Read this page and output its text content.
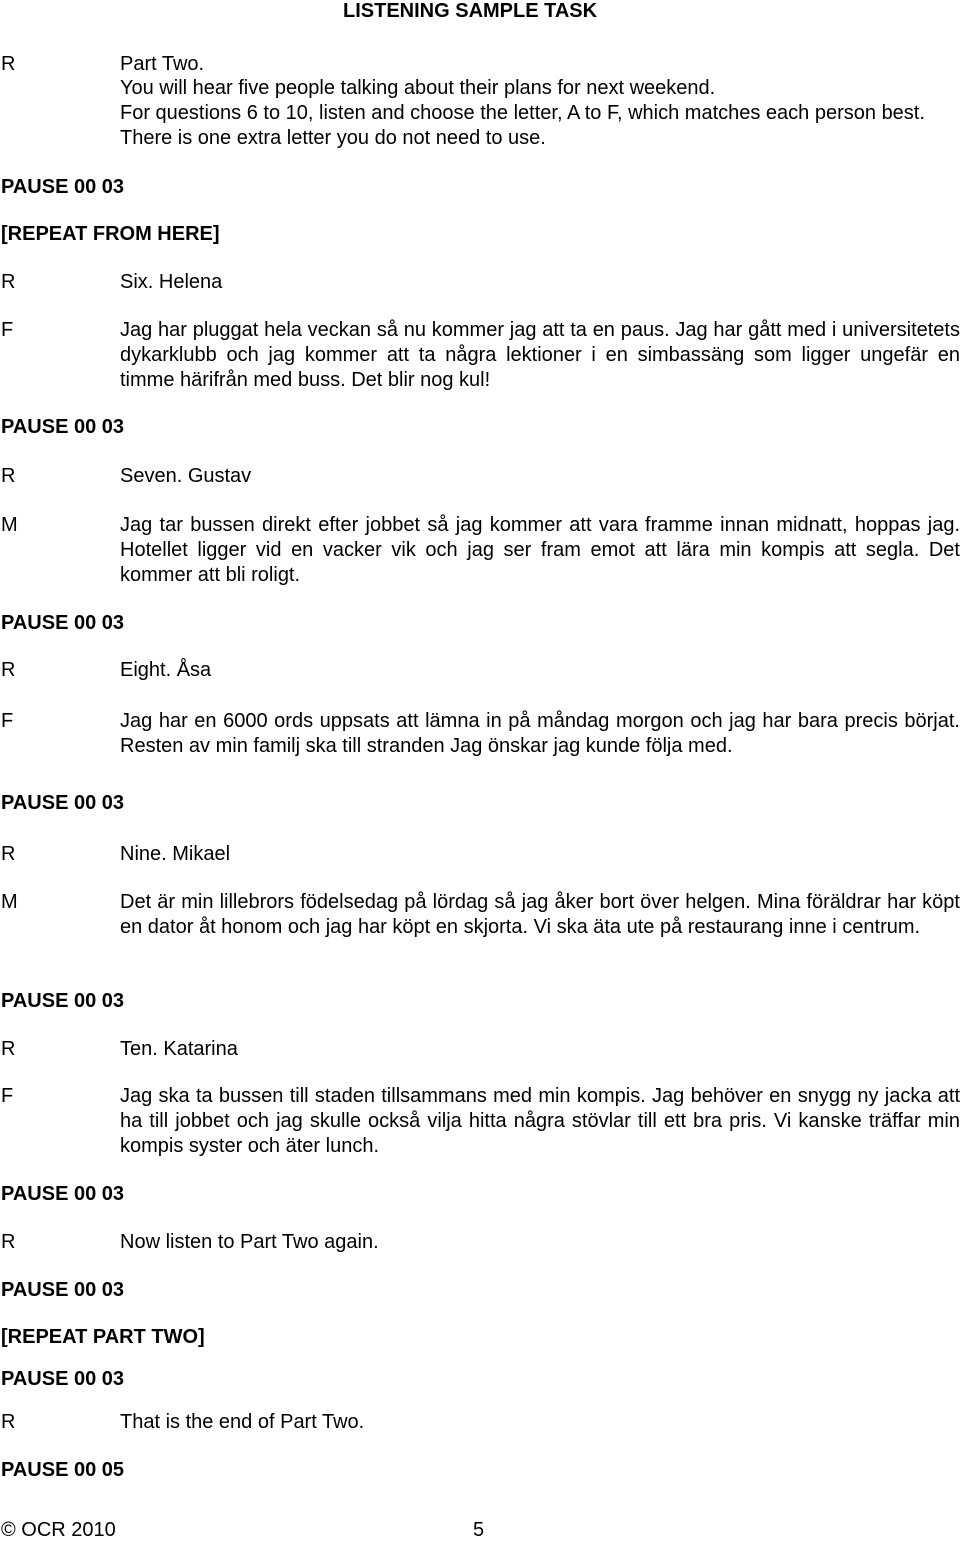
LISTENING SAMPLE TASK
R	Part Two.
You will hear five people talking about their plans for next weekend.
For questions 6 to 10, listen and choose the letter, A to F, which matches each person best. There is one extra letter you do not need to use.
PAUSE 00 03
[REPEAT FROM HERE]
R	Six. Helena
F	Jag har pluggat hela veckan så nu kommer jag att ta en paus. Jag har gått med i universitetets dykarklubb och jag kommer att ta några lektioner i en simbassäng som ligger ungefär en timme härifrån med buss. Det blir nog kul!
PAUSE 00 03
R	Seven. Gustav
M	Jag tar bussen direkt efter jobbet så jag kommer att vara framme innan midnatt, hoppas jag. Hotellet ligger vid en vacker vik och jag ser fram emot att lära min kompis att segla. Det kommer att bli roligt.
PAUSE 00 03
R	Eight. Åsa
F	Jag har en 6000 ords uppsats att lämna in på måndag morgon och jag har bara precis börjat. Resten av min familj ska till stranden Jag önskar jag kunde följa med.
PAUSE 00 03
R	Nine. Mikael
M	Det är min lillebrors födelsedag på lördag så jag åker bort över helgen. Mina föräldrar har köpt en dator åt honom och jag har köpt en skjorta. Vi ska äta ute på restaurang inne i centrum.
PAUSE 00 03
R	Ten. Katarina
F	Jag ska ta bussen till staden tillsammans med min kompis. Jag behöver en snygg ny jacka att ha till jobbet och jag skulle också vilja hitta några stövlar till ett bra pris. Vi kanske träffar min kompis syster och äter lunch.
PAUSE 00 03
R	Now listen to Part Two again.
PAUSE 00 03
[REPEAT PART TWO]
PAUSE 00 03
R	That is the end of Part Two.
PAUSE 00 05
© OCR 2010	5
